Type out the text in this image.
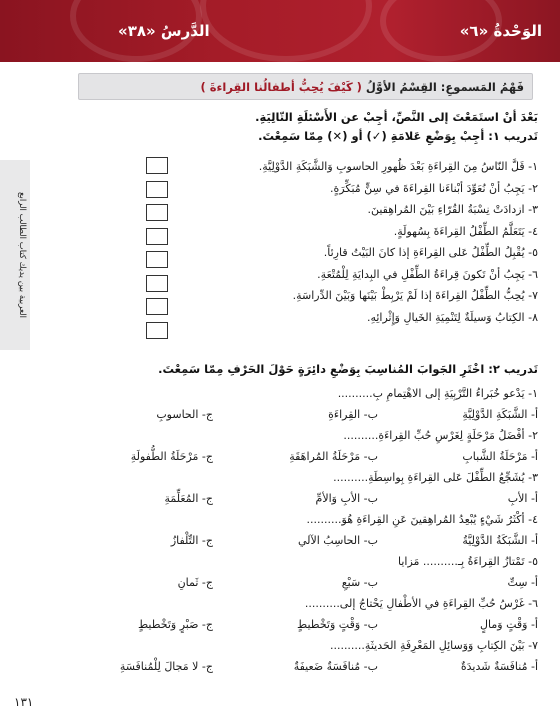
الوَحْدةُ «٦»
الدَّرسُ «٣٨»
العربية بين يديك كتاب الطالب الرابع
فَهْمُ المَسموعِ: القِسْمُ الأوَّلُ ( كَيْفَ يُحِبُّ أطفالُنا القِراءةَ )
بَعْدَ أنْ استَمَعْتَ إلى النَّصِّ، أجِبْ عن الأَسْئلَةِ التّالِيَةِ.
تَدريب ١: أجِبْ بِوَضْعِ عَلامَةِ (✓) أو (✕) مِمّا سَمِعْتَ.
١- قَلَّ النّاسُ مِنَ القِراءَةِ بَعْدَ ظُهورِ الحاسوبِ وَالشَّبَكَةِ الدَّوْلِيَّةِ.
٢- يَجِبُ أنْ نُعَوِّدَ أبْناءَنا القِراءَةَ في سِنٍّ مُبَكِّرَةٍ.
٣- ازدادَتْ نِسْبَةُ القُرّاءِ بَيْنَ المُراهِقينَ.
٤- يَتَعَلَّمُ الطِّفْلُ القِراءَةَ بِسُهولَةٍ.
٥- يُقْبِلُ الطِّفْلُ عَلى القِراءَةِ إذا كانَ البَيْتُ قارِئاً.
٦- يَجِبُ أنْ تَكونَ قِراءَةُ الطِّفْلِ في البِدايَةِ لِلْمُتْعَةِ.
٧- يُحِبُّ الطِّفْلُ القِراءَةَ إذا لَمْ يَرْبِطْ بَيْنَها وَبَيْنَ الدِّراسَةِ.
٨- الكِتابُ وَسيلَةٌ لِتَنْمِيَةِ الخَيالِ وَإِثْرائِهِ.
تَدريب ٢: اخْتَرِ الجَوابَ المُناسِبَ بِوَضْعِ دائِرَةٍ حَوْلَ الحَرْفِ مِمّا سَمِعْتَ.
١- يَدْعو خُبَراءُ التَّرْبِيَةِ إلى الاهْتِمامِ بِ..........
أ- الشَّبَكَةِ الدَّوْلِيَّةِ
ب- القِراءَةِ
ج- الحاسوبِ
٢- أفْضَلُ مَرْحَلَةٍ لِغَرْسِ حُبِّ القِراءَةِ..........
أ- مَرْحَلَةُ الشَّبابِ
ب- مَرْحَلَةُ المُراهَقَةِ
ج- مَرْحَلَةُ الطُّفولَةِ
٣- يُشَجِّعُ الطِّفْلَ عَلى القِراءَةِ بِواسِطَةِ..........
أ- الأبِ
ب- الأبِ وَالأمِّ
ج- المُعَلِّمَةِ
٤- أكْثَرُ شَيْءٍ يُبْعِدُ المُراهِقينَ عَنِ القِراءَةِ هُوَ..........
أ- الشَّبَكَةُ الدَّوْلِيَّةُ
ب- الحاسِبُ الآلي
ج- التِّلْفازُ
٥- تَمْتازُ القِراءَةُ بِـ.......... مَزايا
أ- سِتِّ
ب- سَبْعِ
ج- ثَمانِ
٦- غَرْسُ حُبِّ القِراءَةِ في الأطْفالِ يَحْتاجُ إلى..........
أ- وَقْتٍ وَمالٍ
ب- وَقْتٍ وَتَخْطيطٍ
ج- صَبْرٍ وَتَخْطيطٍ
٧- بَيْنَ الكِتابِ وَوَسائِلِ المَعْرِفَةِ الحَديثَةِ..........
أ- مُنافَسَةٌ شَديدَةٌ
ب- مُنافَسَةٌ ضَعيفَةٌ
ج- لا مَجالَ لِلْمُنافَسَةِ
١٣١
